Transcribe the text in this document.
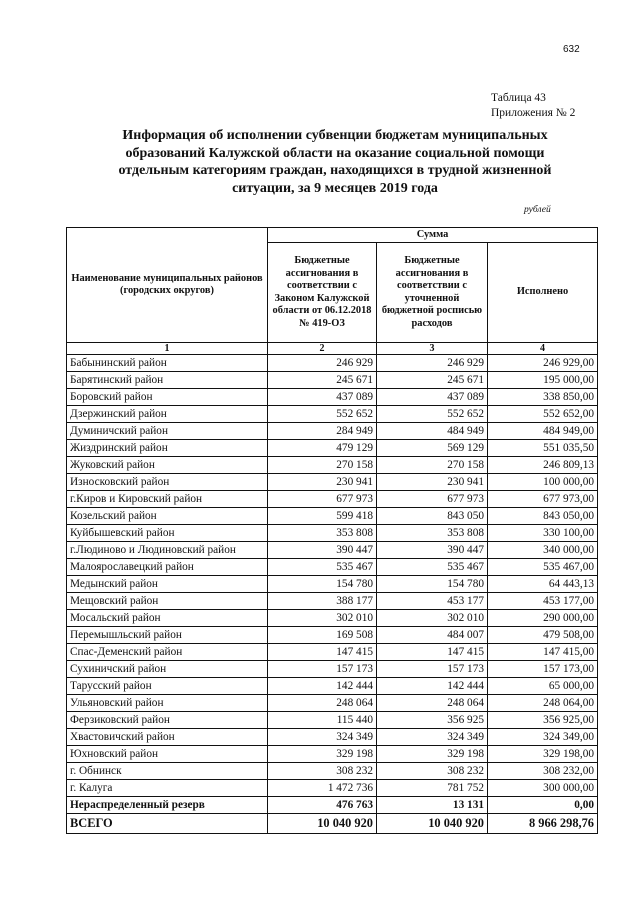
632
Таблица 43
Приложения № 2
Информация об исполнении субвенции бюджетам муниципальных образований Калужской области на оказание социальной помощи отдельным категориям граждан, находящихся в трудной жизненной ситуации, за 9 месяцев 2019 года
рублей
Наименование муниципальных районов (городских округов)	Сумма		
	Бюджетные ассигнования в соответствии с Законом Калужской области от 06.12.2018 № 419-ОЗ	Бюджетные ассигнования в соответствии с уточненной бюджетной росписью расходов	Исполнено
1	2	3	4
Бабынинский район	246 929	246 929	246 929,00
Барятинский район	245 671	245 671	195 000,00
Боровский район	437 089	437 089	338 850,00
Дзержинский район	552 652	552 652	552 652,00
Думиничский район	284 949	484 949	484 949,00
Жиздринский район	479 129	569 129	551 035,50
Жуковский район	270 158	270 158	246 809,13
Износковский район	230 941	230 941	100 000,00
г.Киров и Кировский район	677 973	677 973	677 973,00
Козельский район	599 418	843 050	843 050,00
Куйбышевский район	353 808	353 808	330 100,00
г.Людиново и Людиновский район	390 447	390 447	340 000,00
Малоярославецкий район	535 467	535 467	535 467,00
Медынский район	154 780	154 780	64 443,13
Мещовский район	388 177	453 177	453 177,00
Мосальский район	302 010	302 010	290 000,00
Перемышльский район	169 508	484 007	479 508,00
Спас-Деменский район	147 415	147 415	147 415,00
Сухиничский район	157 173	157 173	157 173,00
Тарусский район	142 444	142 444	65 000,00
Ульяновский район	248 064	248 064	248 064,00
Ферзиковский район	115 440	356 925	356 925,00
Хвастовичский район	324 349	324 349	324 349,00
Юхновский район	329 198	329 198	329 198,00
г. Обнинск	308 232	308 232	308 232,00
г. Калуга	1 472 736	781 752	300 000,00
Нераспределенный резерв	476 763	13 131	0,00
ВСЕГО	10 040 920	10 040 920	8 966 298,76
